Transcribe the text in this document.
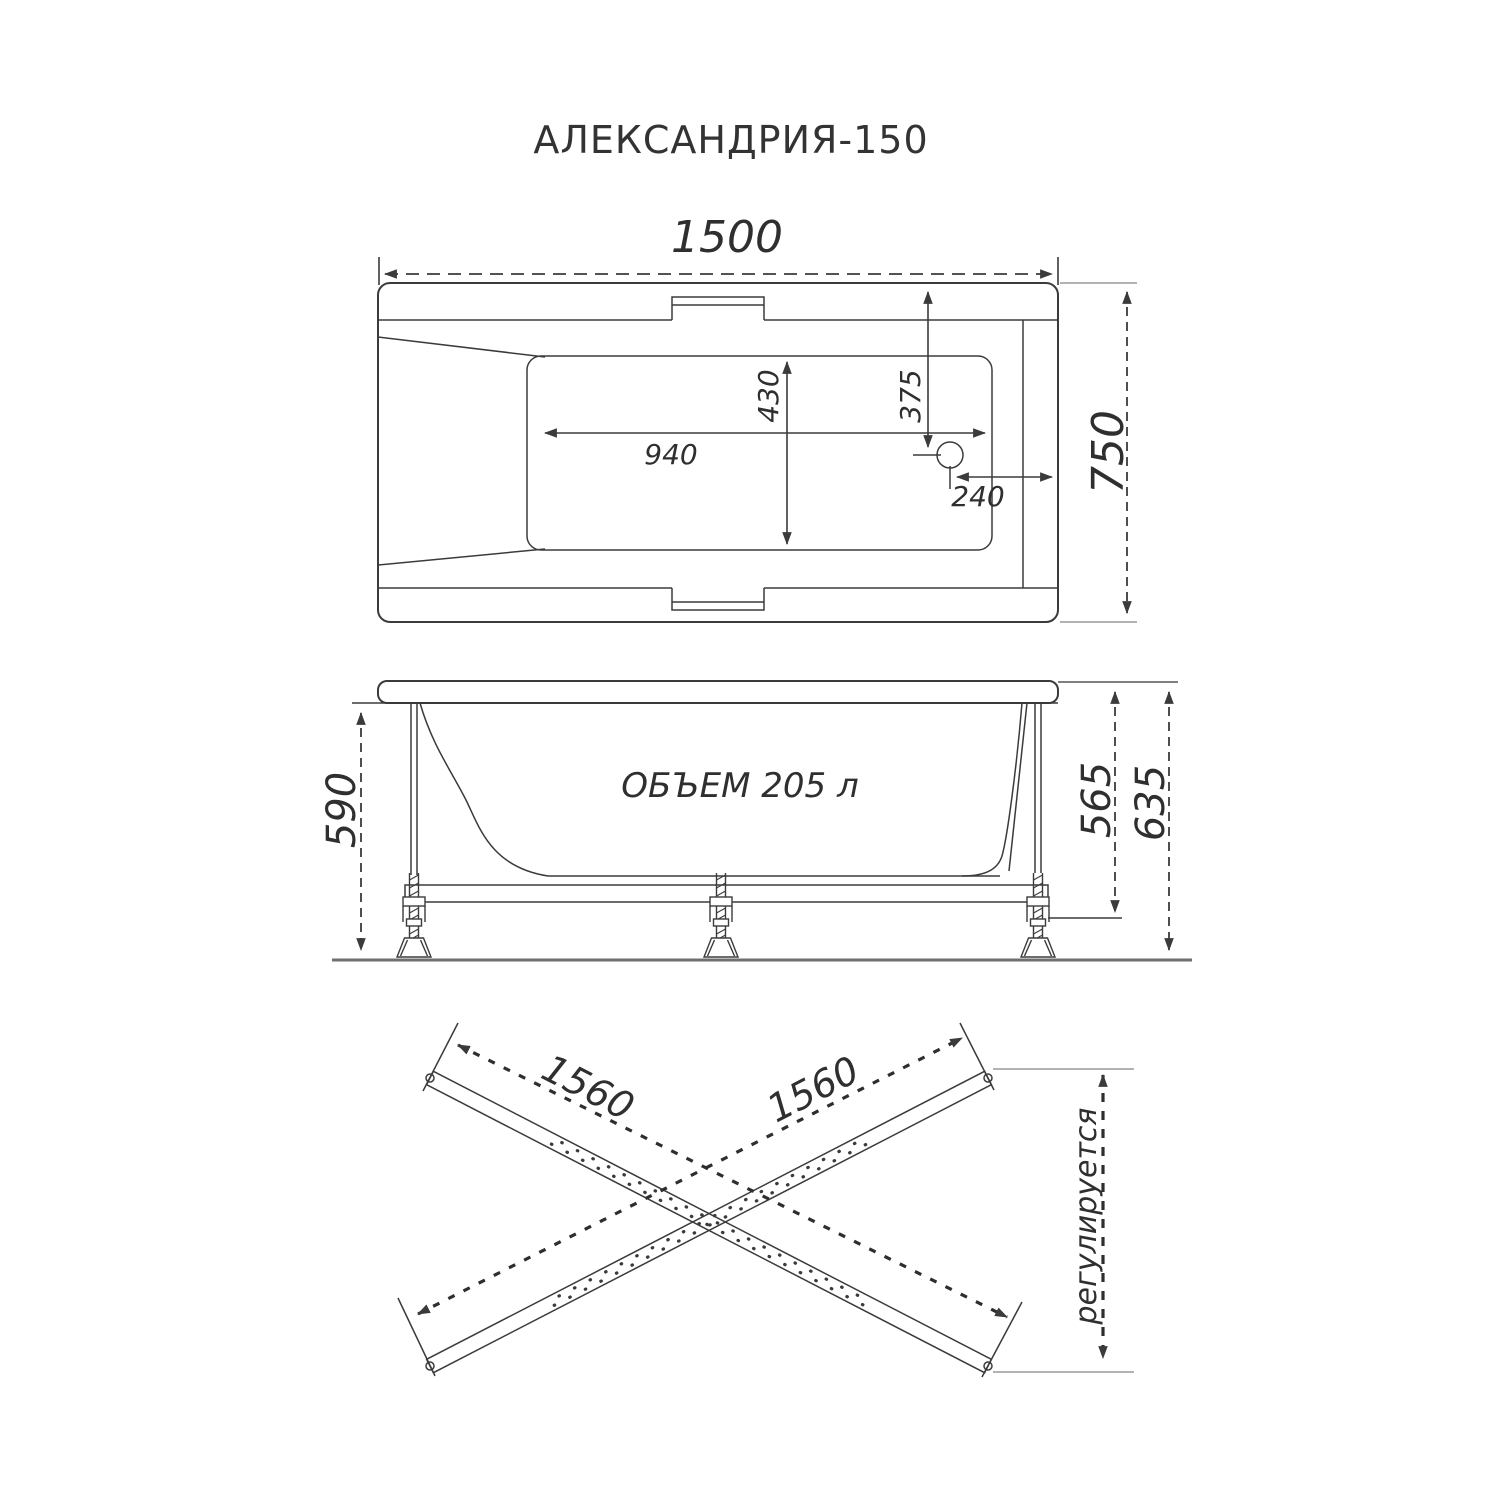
АЛЕКСАНДРИЯ-150
1500
750
940
430	375
240
ОБЪЕМ 205 л
590	565 635
1560	1560
регулируется
